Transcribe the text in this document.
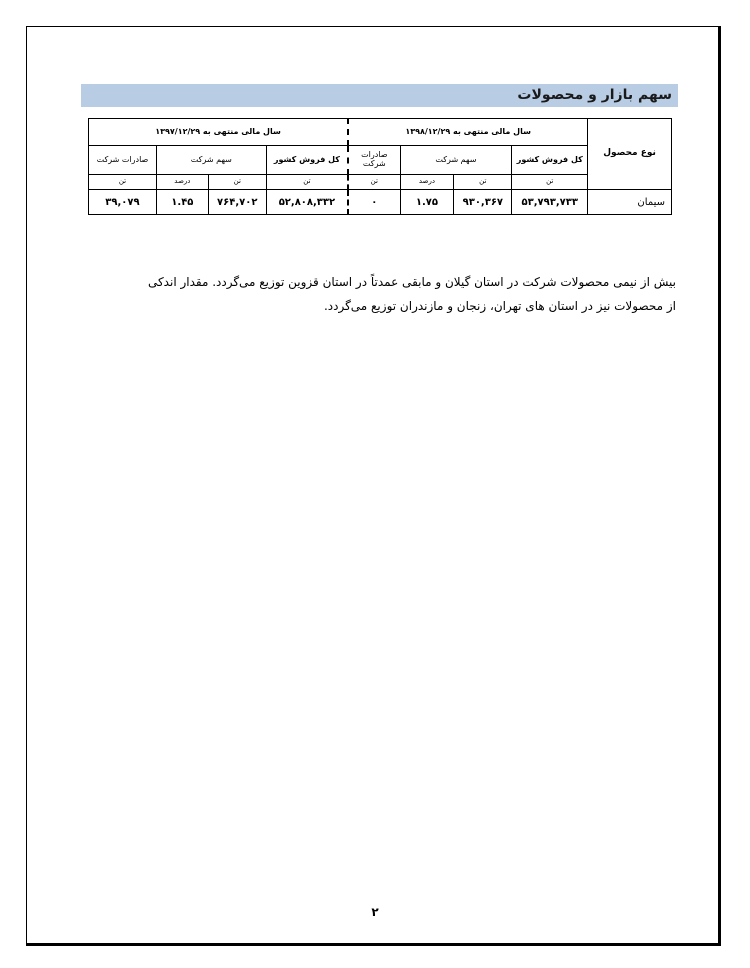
سهم بازار و محصولات
نوع محصول	سال مالی منتهی به ۱۳۹۸/۱۲/۲۹				سال مالی منتهی به ۱۳۹۷/۱۲/۲۹			
	کل فروش کشور	سهم شرکت		صادرات شرکت	کل فروش کشور	سهم شرکت		صادرات شرکت
	تن	تن	درصد	تن	تن	تن	درصد	تن
سیمان	۵۳,۷۹۳,۷۳۳	۹۳۰,۳۶۷	۱.۷۵	۰	۵۲,۸۰۸,۳۳۲	۷۶۴,۷۰۲	۱.۴۵	۳۹,۰۷۹

بیش از نیمی محصولات شرکت در استان گیلان و مابقی عمدتاً در استان قزوین توزیع می‌گردد. مقدار اندکی

از محصولات نیز در استان های تهران، زنجان و مازندران توزیع می‌گردد.

۲
